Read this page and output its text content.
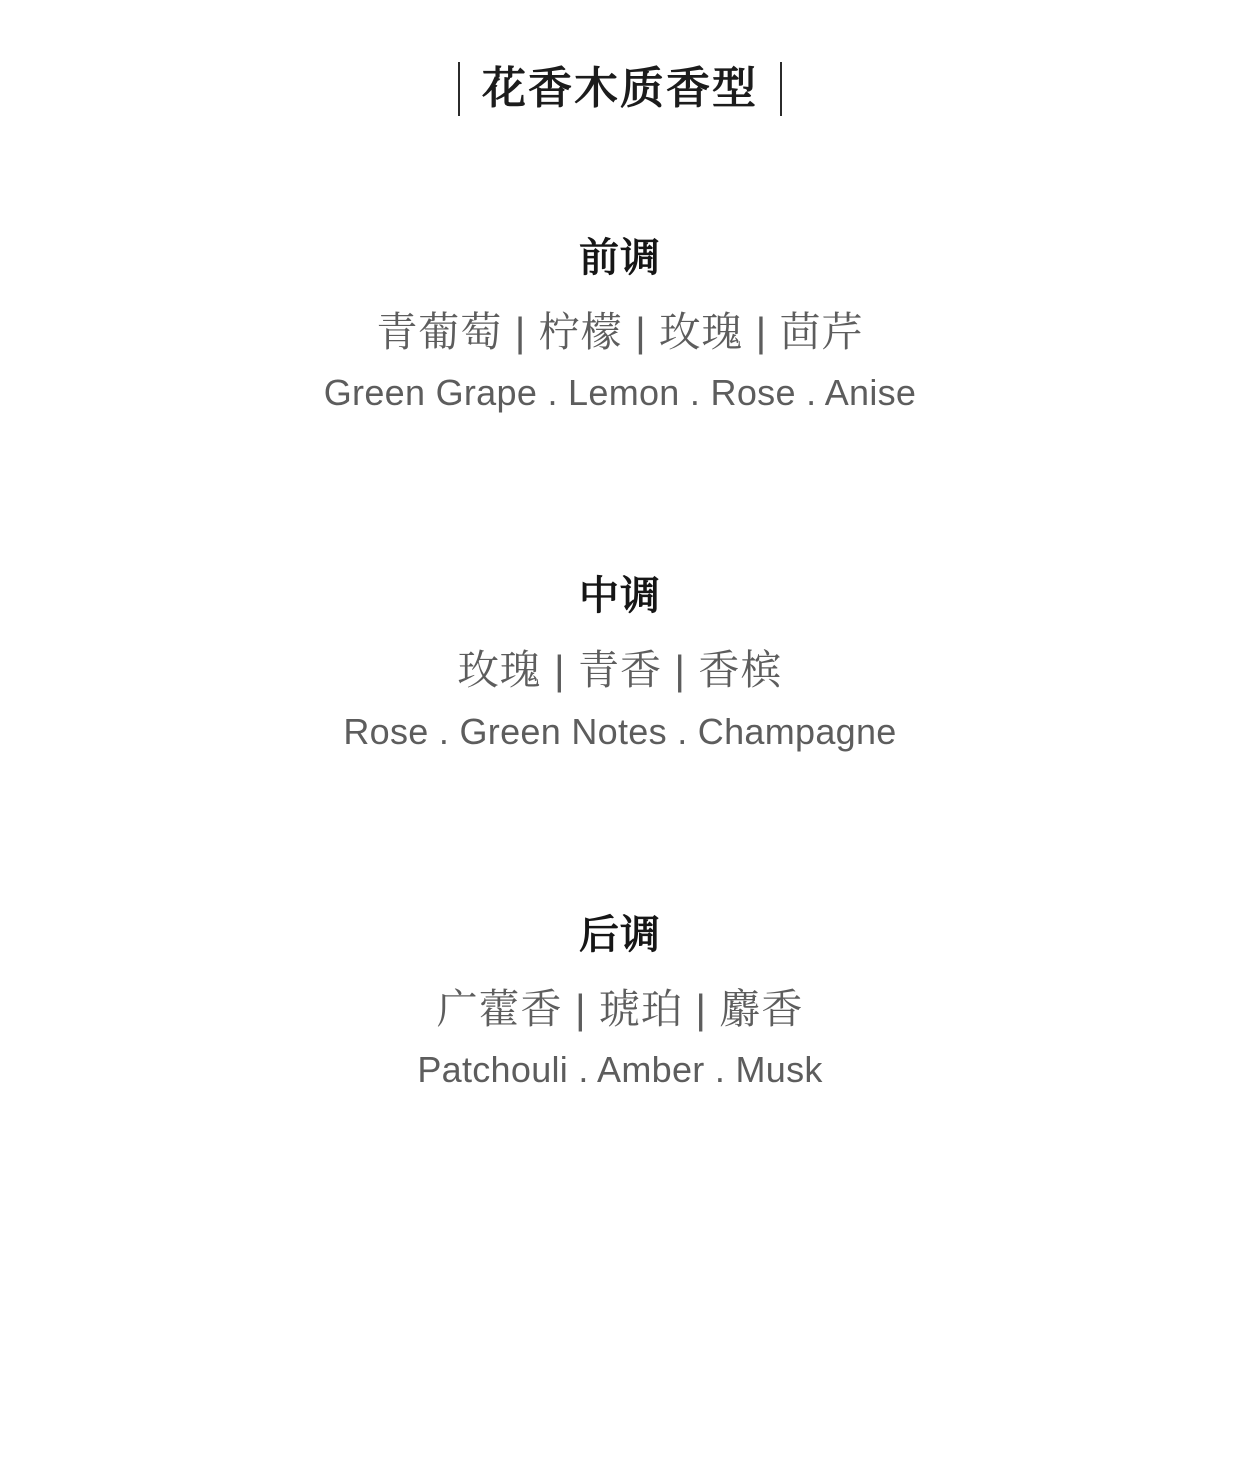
花香木质香型
前调
青葡萄 | 柠檬 | 玫瑰 | 茴芹
Green Grape . Lemon . Rose . Anise
中调
玫瑰 | 青香 | 香槟
Rose . Green Notes . Champagne
后调
广藿香 | 琥珀 | 麝香
Patchouli . Amber . Musk
